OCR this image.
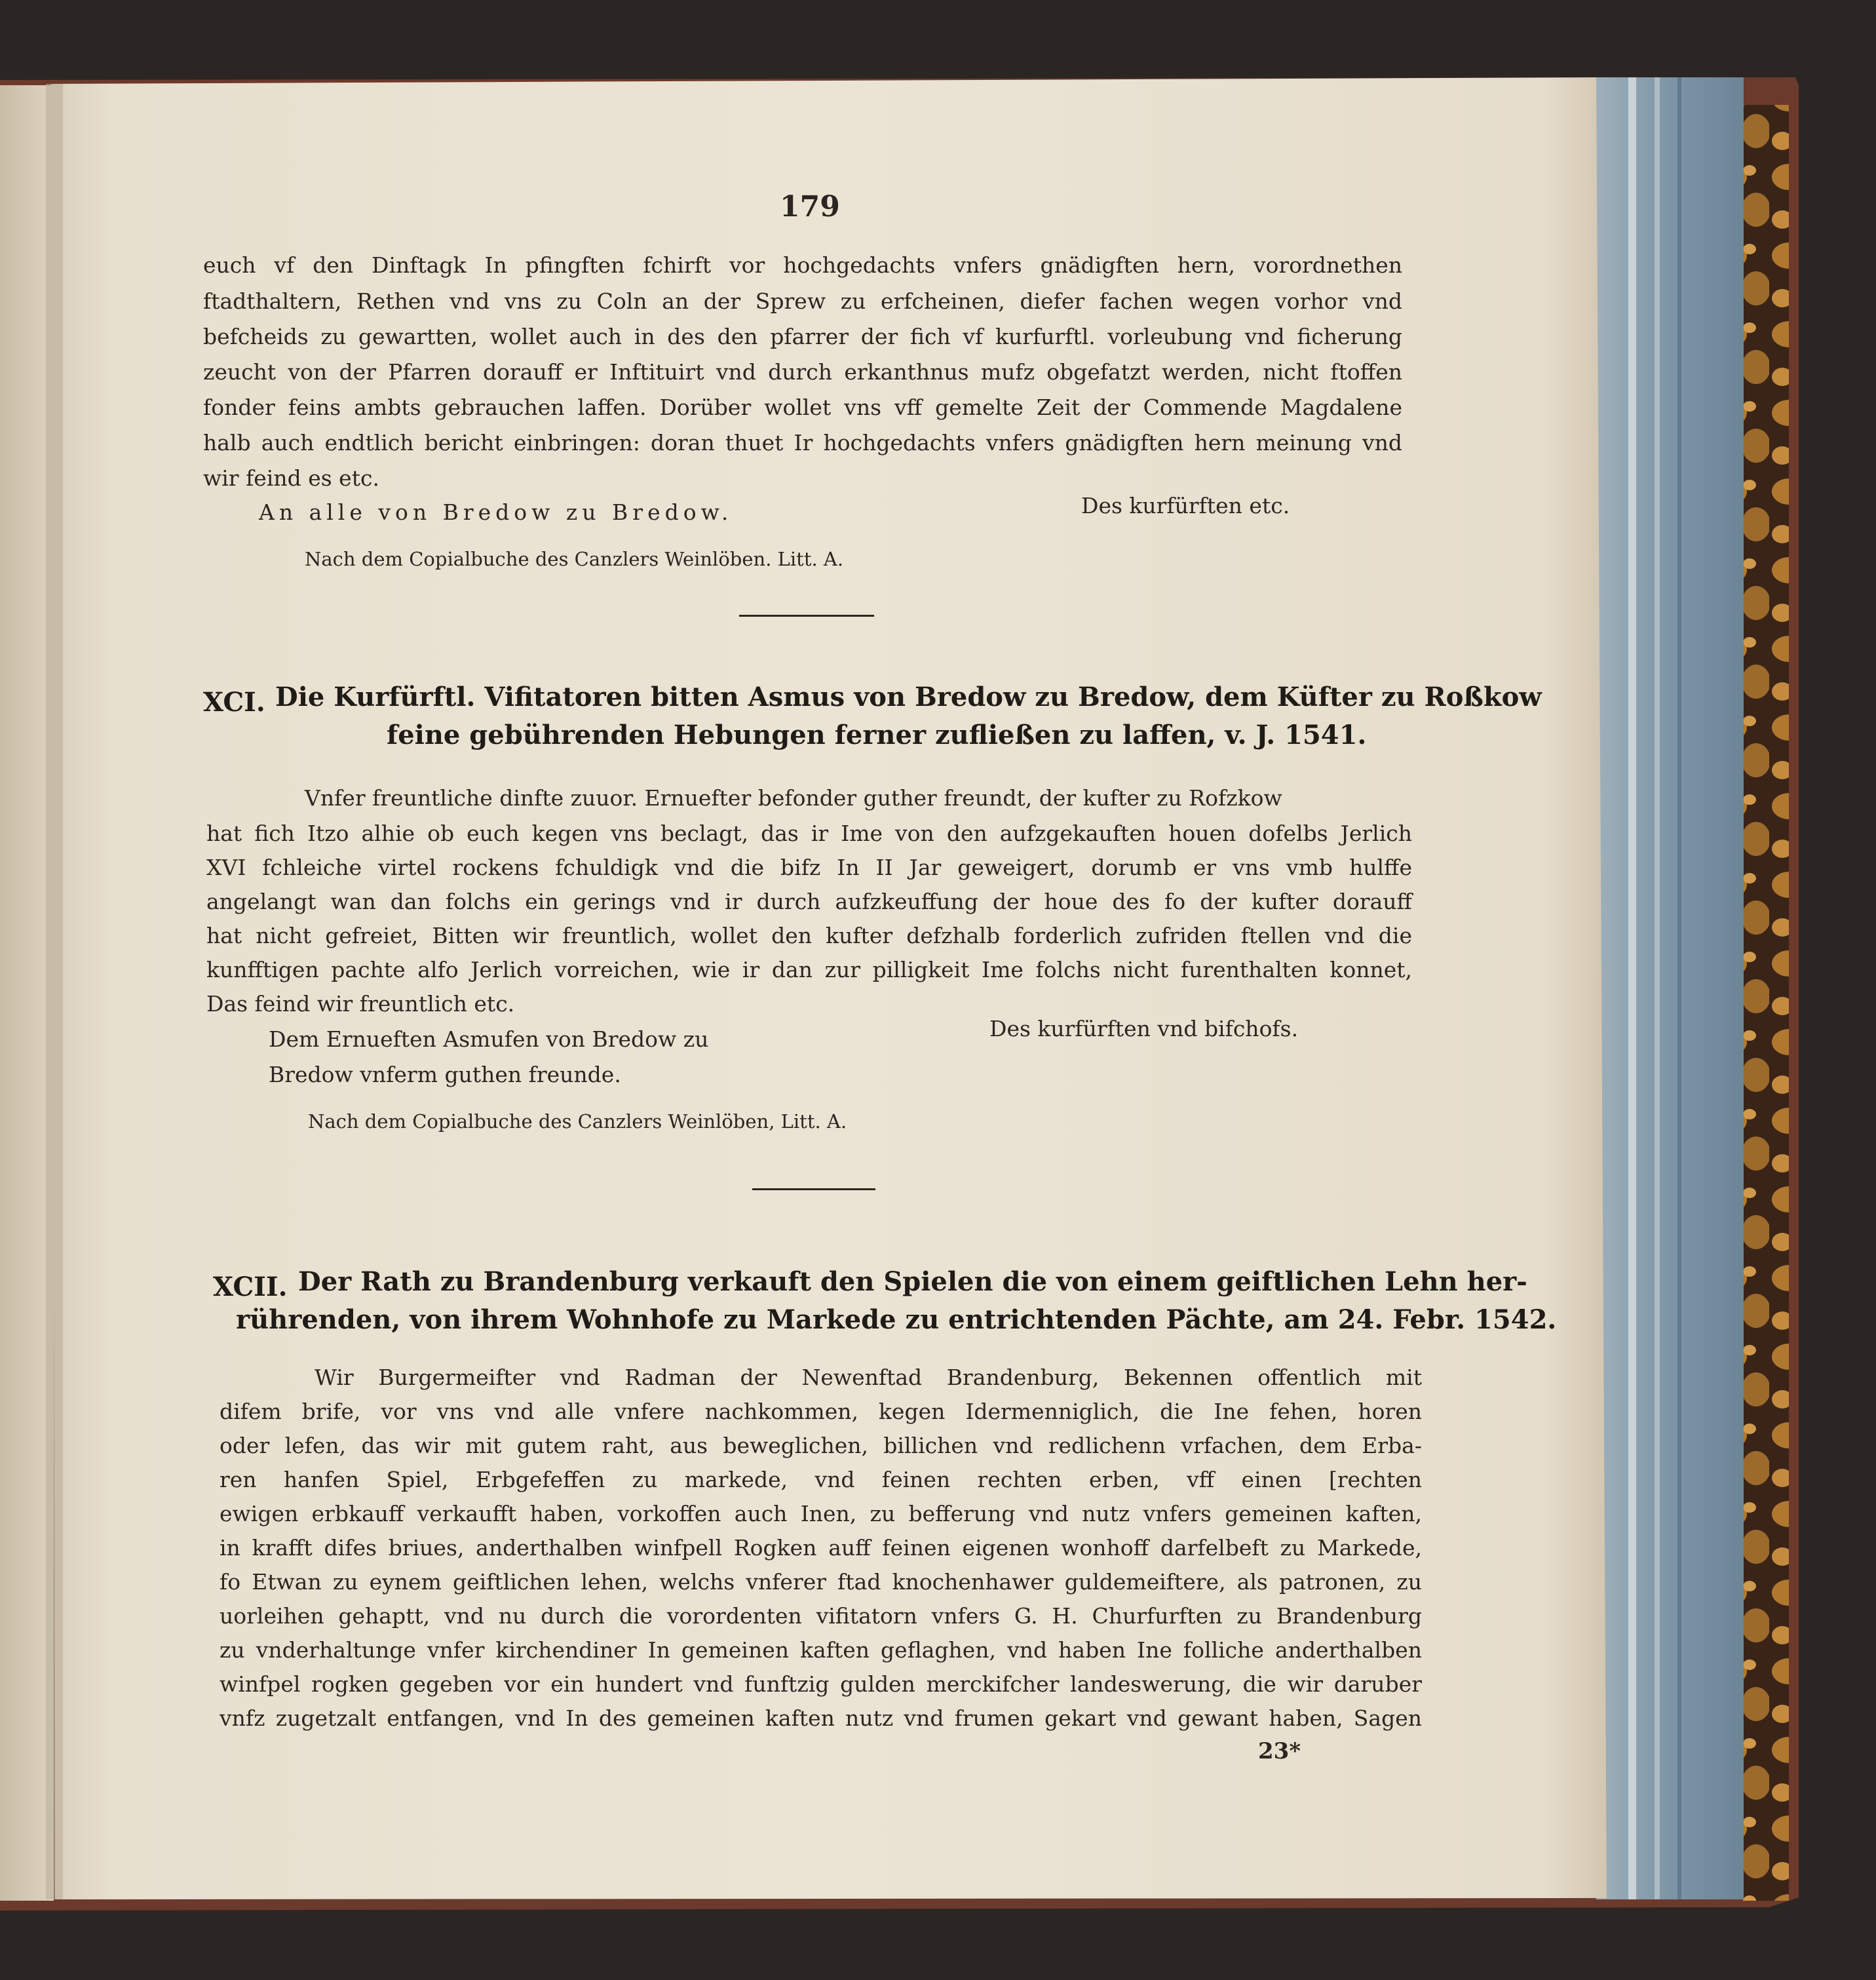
179
euch vf den Dinftagk In pfingften fchirft vor hochgedachts vnfers gnädigften hern, vorordnethen
ftadthaltern, Rethen vnd vns zu Coln an der Sprew zu erfcheinen, diefer fachen wegen vorhor vnd
befcheids zu gewartten, wollet auch in des den pfarrer der fich vf kurfurftl. vorleubung vnd ficherung
zeucht von der Pfarren dorauff er Inftituirt vnd durch erkanthnus mufz obgefatzt werden, nicht ftoffen
fonder feins ambts gebrauchen laffen. Dorüber wollet vns vff gemelte Zeit der Commende Magdalene
halb auch endtlich bericht einbringen: doran thuet Ir hochgedachts vnfers gnädigften hern meinung vnd
wir feind es etc.
An alle von Bredow zu Bredow.	Des kurfürften etc.
Nach dem Copialbuche des Canzlers Weinlöben. Litt. A.
XCI. Die Kurfürftl. Vifitatoren bitten Asmus von Bredow zu Bredow, dem Küfter zu Roßkow
feine gebührenden Hebungen ferner zufließen zu laffen, v. J. 1541.
Vnfer freuntliche dinfte zuuor. Ernuefter befonder guther freundt, der kufter zu Rofzkow
hat fich Itzo alhie ob euch kegen vns beclagt, das ir Ime von den aufzgekauften houen dofelbs Jerlich
XVI fchleiche virtel rockens fchuldigk vnd die bifz In II Jar geweigert, dorumb er vns vmb hulffe
angelangt wan dan folchs ein gerings vnd ir durch aufzkeuffung der houe des fo der kufter dorauff
hat nicht gefreiet, Bitten wir freuntlich, wollet den kufter defzhalb forderlich zufriden ftellen vnd die
kunfftigen pachte alfo Jerlich vorreichen, wie ir dan zur pilligkeit Ime folchs nicht furenthalten konnet,
Das feind wir freuntlich etc.
Dem Ernueften Asmufen von Bredow zu
Bredow vnferm guthen freunde.
Des kurfürften vnd bifchofs.
Nach dem Copialbuche des Canzlers Weinlöben, Litt. A.
XCII. Der Rath zu Brandenburg verkauft den Spielen die von einem geiftlichen Lehn her-
rührenden, von ihrem Wohnhofe zu Markede zu entrichtenden Pächte, am 24. Febr. 1542.
Wir Burgermeifter vnd Radman der Newenftad Brandenburg, Bekennen offentlich mit
difem brife, vor vns vnd alle vnfere nachkommen, kegen Idermenniglich, die Ine fehen, horen
oder lefen, das wir mit gutem raht, aus beweglichen, billichen vnd redlichenn vrfachen, dem Erba-
ren hanfen Spiel, Erbgefeffen zu markede, vnd feinen rechten erben, vff einen [rechten
ewigen erbkauff verkaufft haben, vorkoffen auch Inen, zu befferung vnd nutz vnfers gemeinen kaften,
in krafft difes briues, anderthalben winfpell Rogken auff feinen eigenen wonhoff darfelbeft zu Markede,
fo Etwan zu eynem geiftlichen lehen, welchs vnferer ftad knochenhawer guldemeiftere, als patronen, zu
uorleihen gehaptt, vnd nu durch die vorordenten vifitatorn vnfers G. H. Churfurften zu Brandenburg
zu vnderhaltunge vnfer kirchendiner In gemeinen kaften geflaghen, vnd haben Ine folliche anderthalben
winfpel rogken gegeben vor ein hundert vnd funftzig gulden merckifcher landeswerung, die wir daruber
vnfz zugetzalt entfangen, vnd In des gemeinen kaften nutz vnd frumen gekart vnd gewant haben, Sagen
23*
